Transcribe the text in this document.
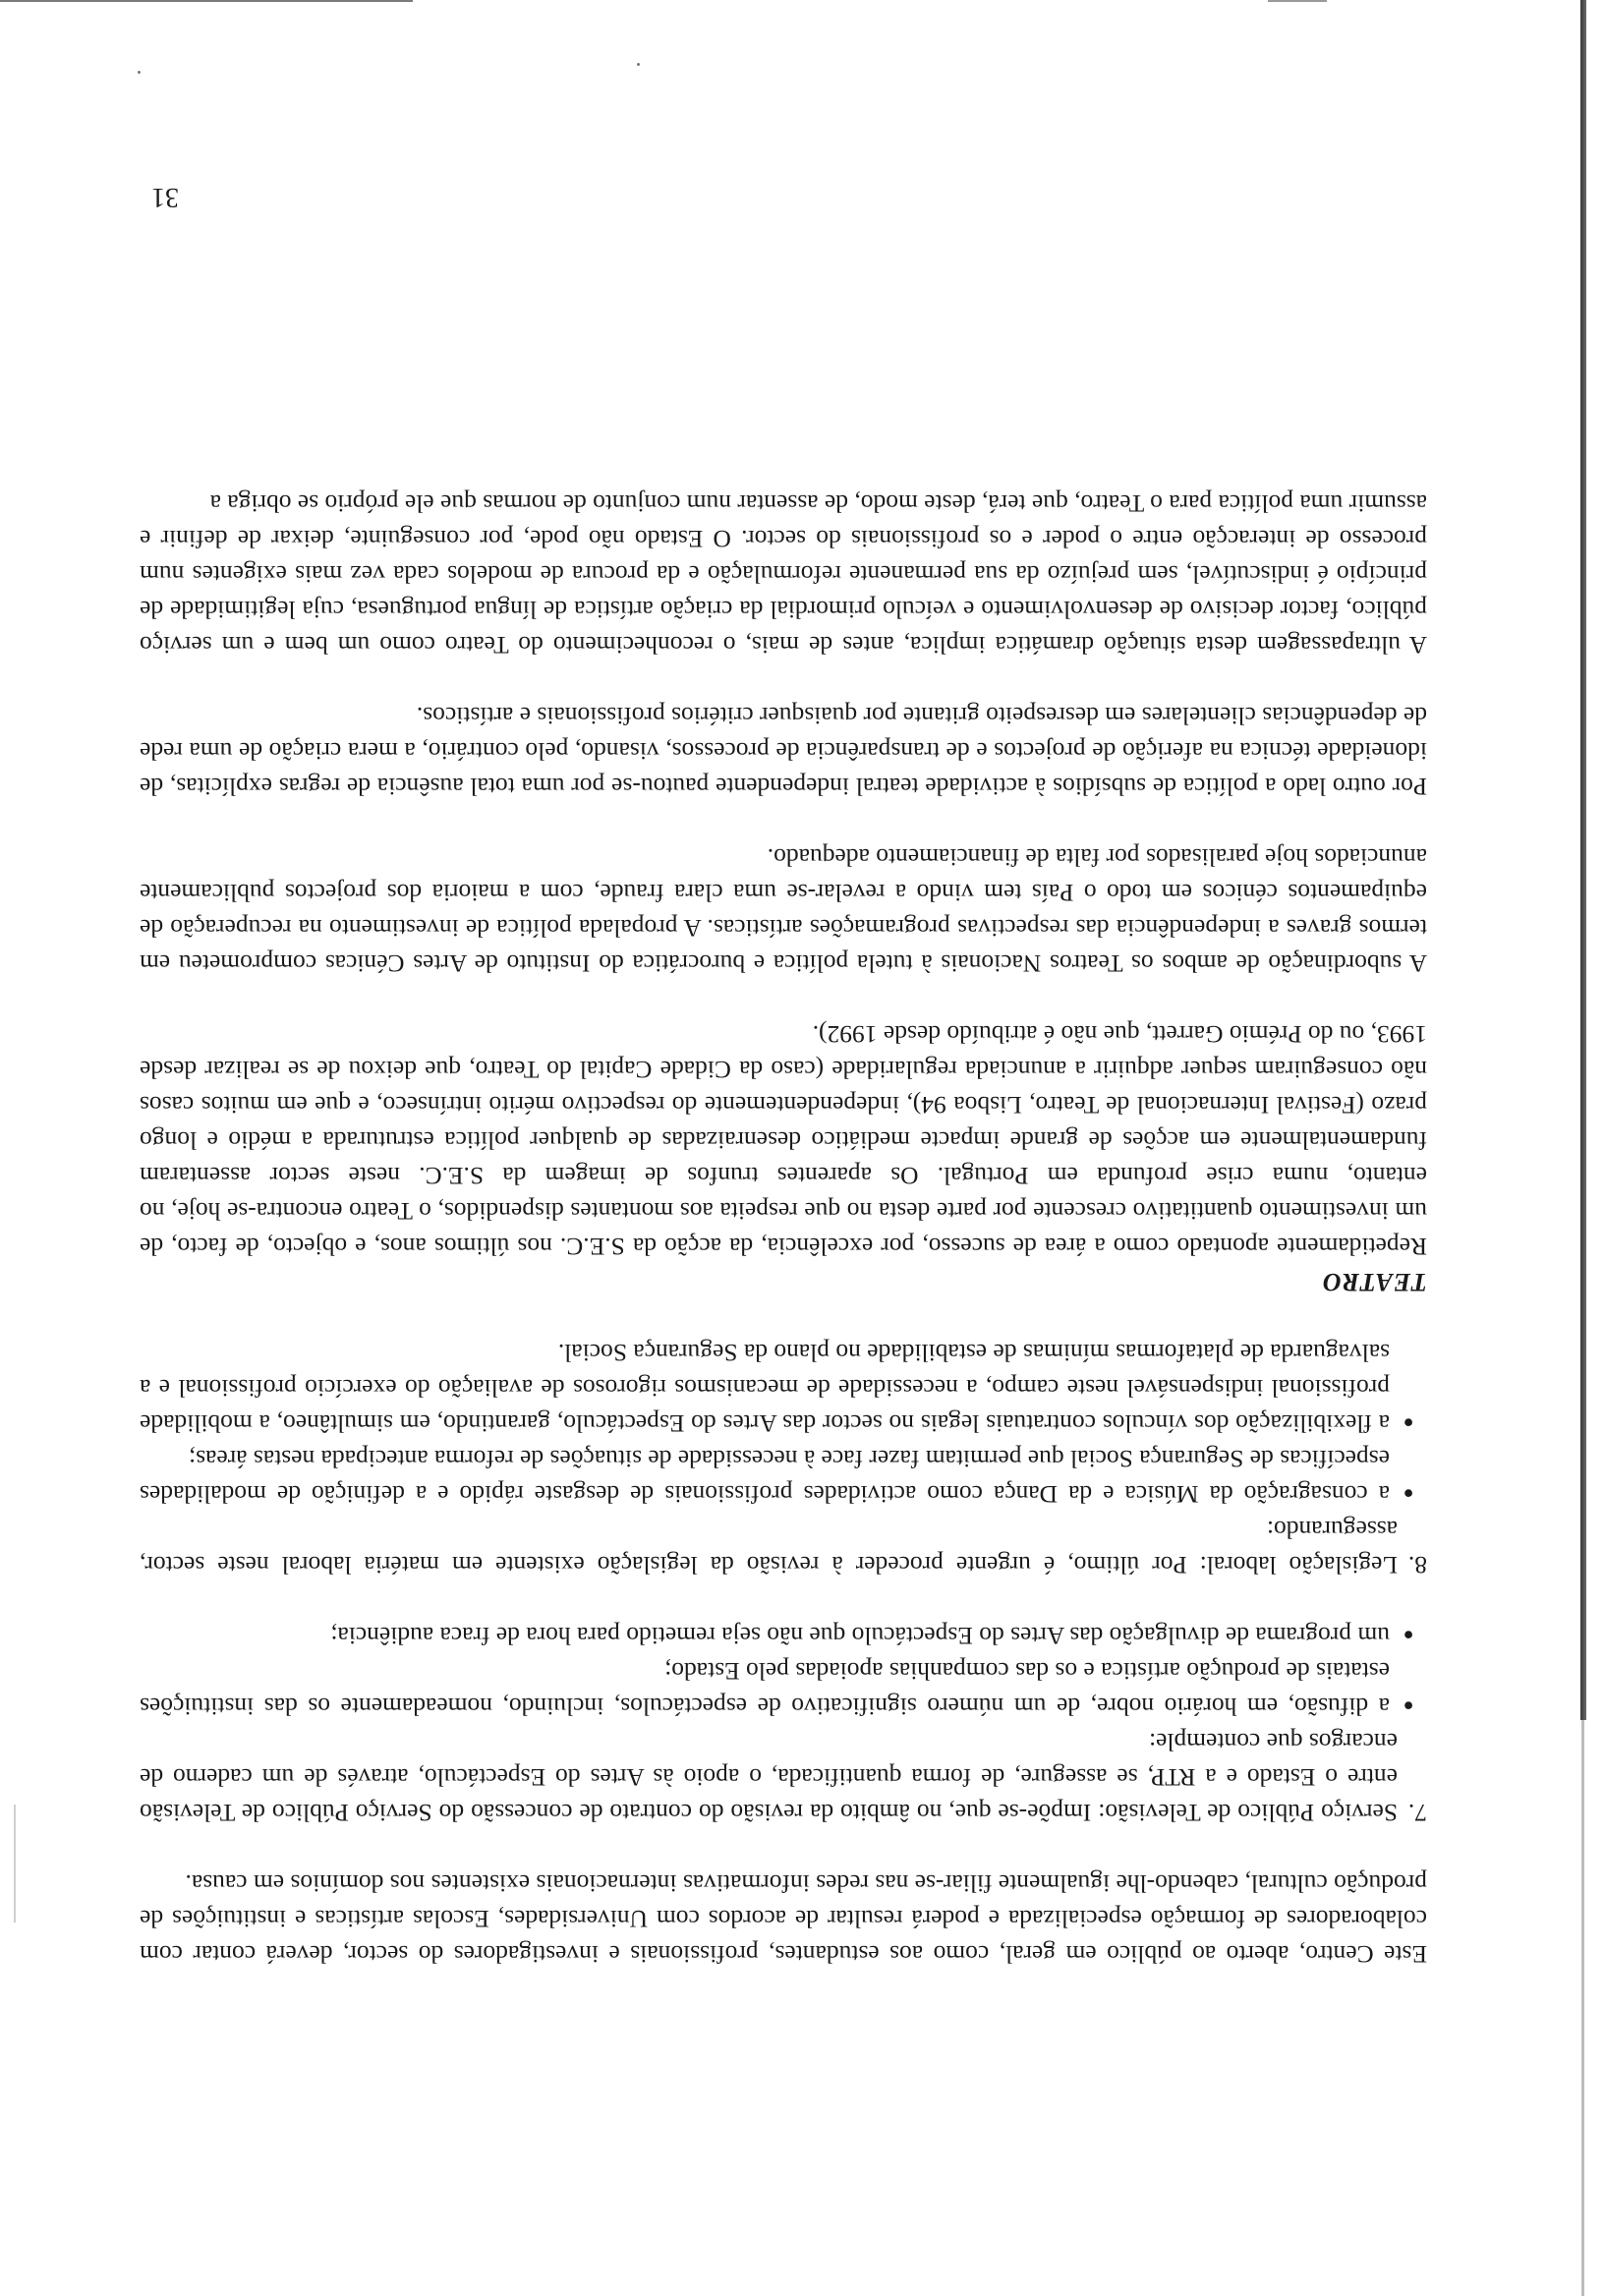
Este Centro, aberto ao público em geral, como aos estudantes, profissionais e investigadores do sector, deverá contar com colaboradores de formação especializada e poderá resultar de acordos com Universidades, Escolas artísticas e instituições de produção cultural, cabendo-lhe igualmente filiar-se nas redes informativas internacionais existentes nos domínios em causa.

7.
Serviço Público de Televisão: Impõe-se que, no âmbito da revisão do contrato de concessão do Serviço Público de Televisão entre o Estado e a RTP, se assegure, de forma quantificada, o apoio às Artes do Espectáculo, através de um caderno de encargos que contemple:
●
a difusão, em horário nobre, de um número significativo de espectáculos, incluindo, nomeadamente os das instituições estatais de produção artística e os das companhias apoiadas pelo Estado;
●
um programa de divulgação das Artes do Espectáculo que não seja remetido para hora de fraca audiência;
8.
Legislação laboral: Por último, é urgente proceder à revisão da legislação existente em matéria laboral neste sector, assegurando:
●
a consagração da Música e da Dança como actividades profissionais de desgaste rápido e a definição de modalidades específicas de Segurança Social que permitam fazer face à necessidade de situações de reforma antecipada nestas áreas;
●
a flexibilização dos vínculos contratuais legais no sector das Artes do Espectáculo, garantindo, em simultâneo, a mobilidade profissional indispensável neste campo, a necessidade de mecanismos rigorosos de avaliação do exercício profissional e a salvaguarda de plataformas mínimas de estabilidade no plano da Segurança Social.

TEATRO

Repetidamente apontado como a área de sucesso, por excelência, da acção da S.E.C. nos últimos anos, e objecto, de facto, de um investimento quantitativo crescente por parte desta no que respeita aos montantes dispendidos, o Teatro encontra-se hoje, no entanto, numa crise profunda em Portugal. Os aparentes trunfos de imagem da S.E.C. neste sector assentaram fundamentalmente em acções de grande impacte mediático desenraizadas de qualquer política estruturada a médio e longo prazo (Festival Internacional de Teatro, Lisboa 94), independentemente do respectivo mérito intrínseco, e que em muitos casos não conseguiram sequer adquirir a anunciada regularidade (caso da Cidade Capital do Teatro, que deixou de se realizar desde 1993, ou do Prémio Garrett, que não é atribuído desde 1992).

A subordinação de ambos os Teatros Nacionais à tutela política e burocrática do Instituto de Artes Cénicas comprometeu em termos graves a independência das respectivas programações artísticas. A propalada política de investimento na recuperação de equipamentos cénicos em todo o País tem vindo a revelar-se uma clara fraude, com a maioria dos projectos publicamente anunciados hoje paralisados por falta de financiamento adequado.

Por outro lado a política de subsídios à actividade teatral independente pautou-se por uma total ausência de regras explícitas, de idoneidade técnica na aferição de projectos e de transparência de processos, visando, pelo contrário, a mera criação de uma rede de dependências clientelares em desrespeito gritante por quaisquer critérios profissionais e artísticos.

A ultrapassagem desta situação dramática implica, antes de mais, o reconhecimento do Teatro como um bem e um serviço público, factor decisivo de desenvolvimento e veículo primordial da criação artística de língua portuguesa, cuja legitimidade de princípio é indiscutível, sem prejuízo da sua permanente reformulação e da procura de modelos cada vez mais exigentes num processo de interacção entre o poder e os profissionais do sector. O Estado não pode, por conseguinte, deixar de definir e assumir uma política para o Teatro, que terá, deste modo, de assentar num conjunto de normas que ele próprio se obriga a

31
